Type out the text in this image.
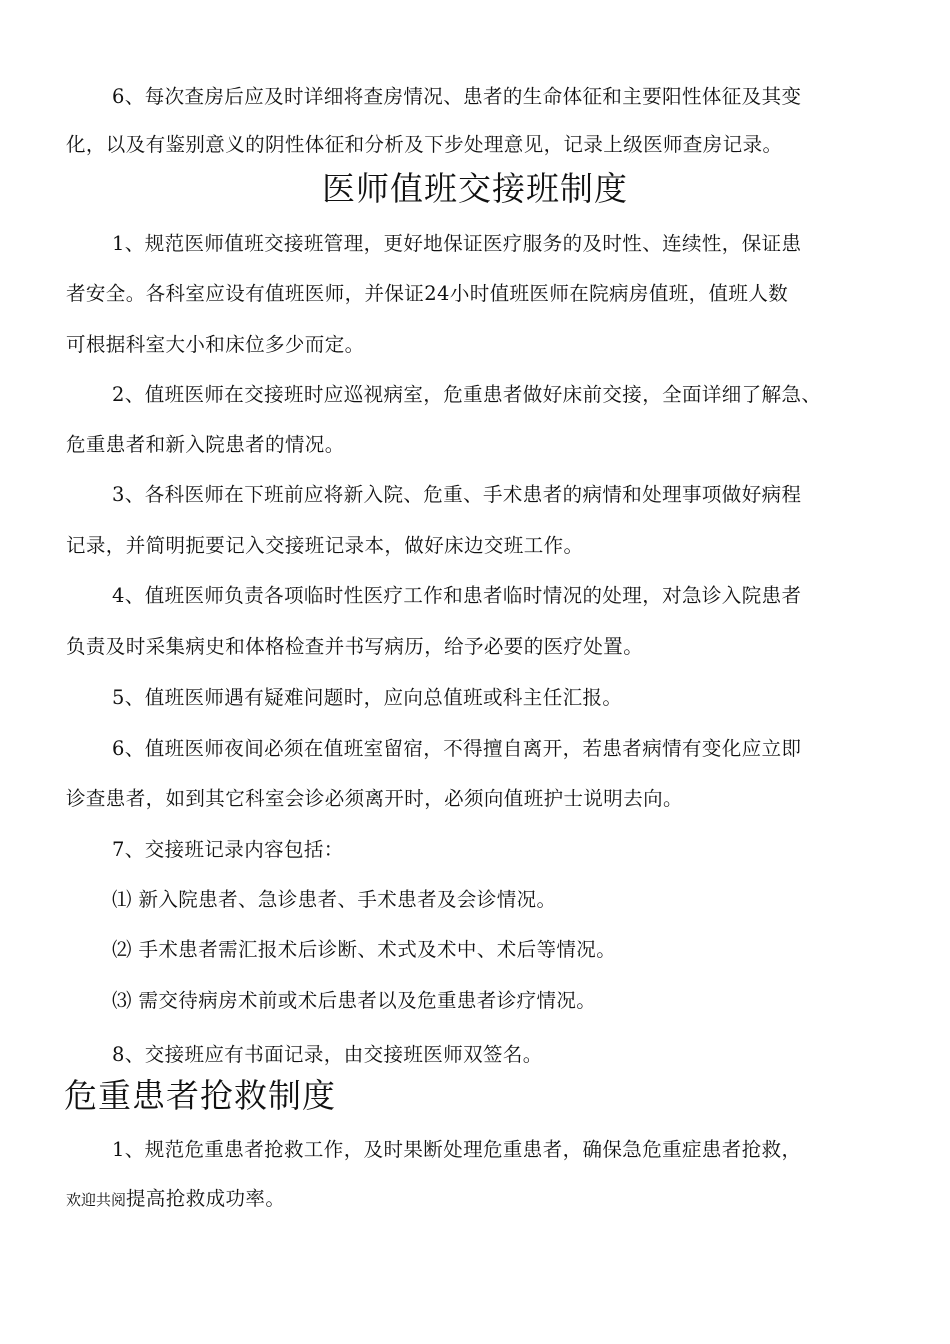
6、每次查房后应及时详细将查房情况、患者的生命体征和主要阳性体征及其变
化，以及有鉴别意义的阴性体征和分析及下步处理意见，记录上级医师查房记录。
医师值班交接班制度
1、规范医师值班交接班管理，更好地保证医疗服务的及时性、连续性，保证患
者安全。各科室应设有值班医师，并保证24小时值班医师在院病房值班，值班人数
可根据科室大小和床位多少而定。
2、值班医师在交接班时应巡视病室，危重患者做好床前交接，全面详细了解急、
危重患者和新入院患者的情况。
3、各科医师在下班前应将新入院、危重、手术患者的病情和处理事项做好病程
记录，并简明扼要记入交接班记录本，做好床边交班工作。
4、值班医师负责各项临时性医疗工作和患者临时情况的处理，对急诊入院患者
负责及时采集病史和体格检查并书写病历，给予必要的医疗处置。
5、值班医师遇有疑难问题时，应向总值班或科主任汇报。
6、值班医师夜间必须在值班室留宿，不得擅自离开，若患者病情有变化应立即
诊查患者，如到其它科室会诊必须离开时，必须向值班护士说明去向。
7、交接班记录内容包括：
⑴ 新入院患者、急诊患者、手术患者及会诊情况。
⑵ 手术患者需汇报术后诊断、术式及术中、术后等情况。
⑶ 需交待病房术前或术后患者以及危重患者诊疗情况。
8、交接班应有书面记录，由交接班医师双签名。
危重患者抢救制度
1、规范危重患者抢救工作，及时果断处理危重患者，确保急危重症患者抢救，
欢迎共阅提高抢救成功率。
